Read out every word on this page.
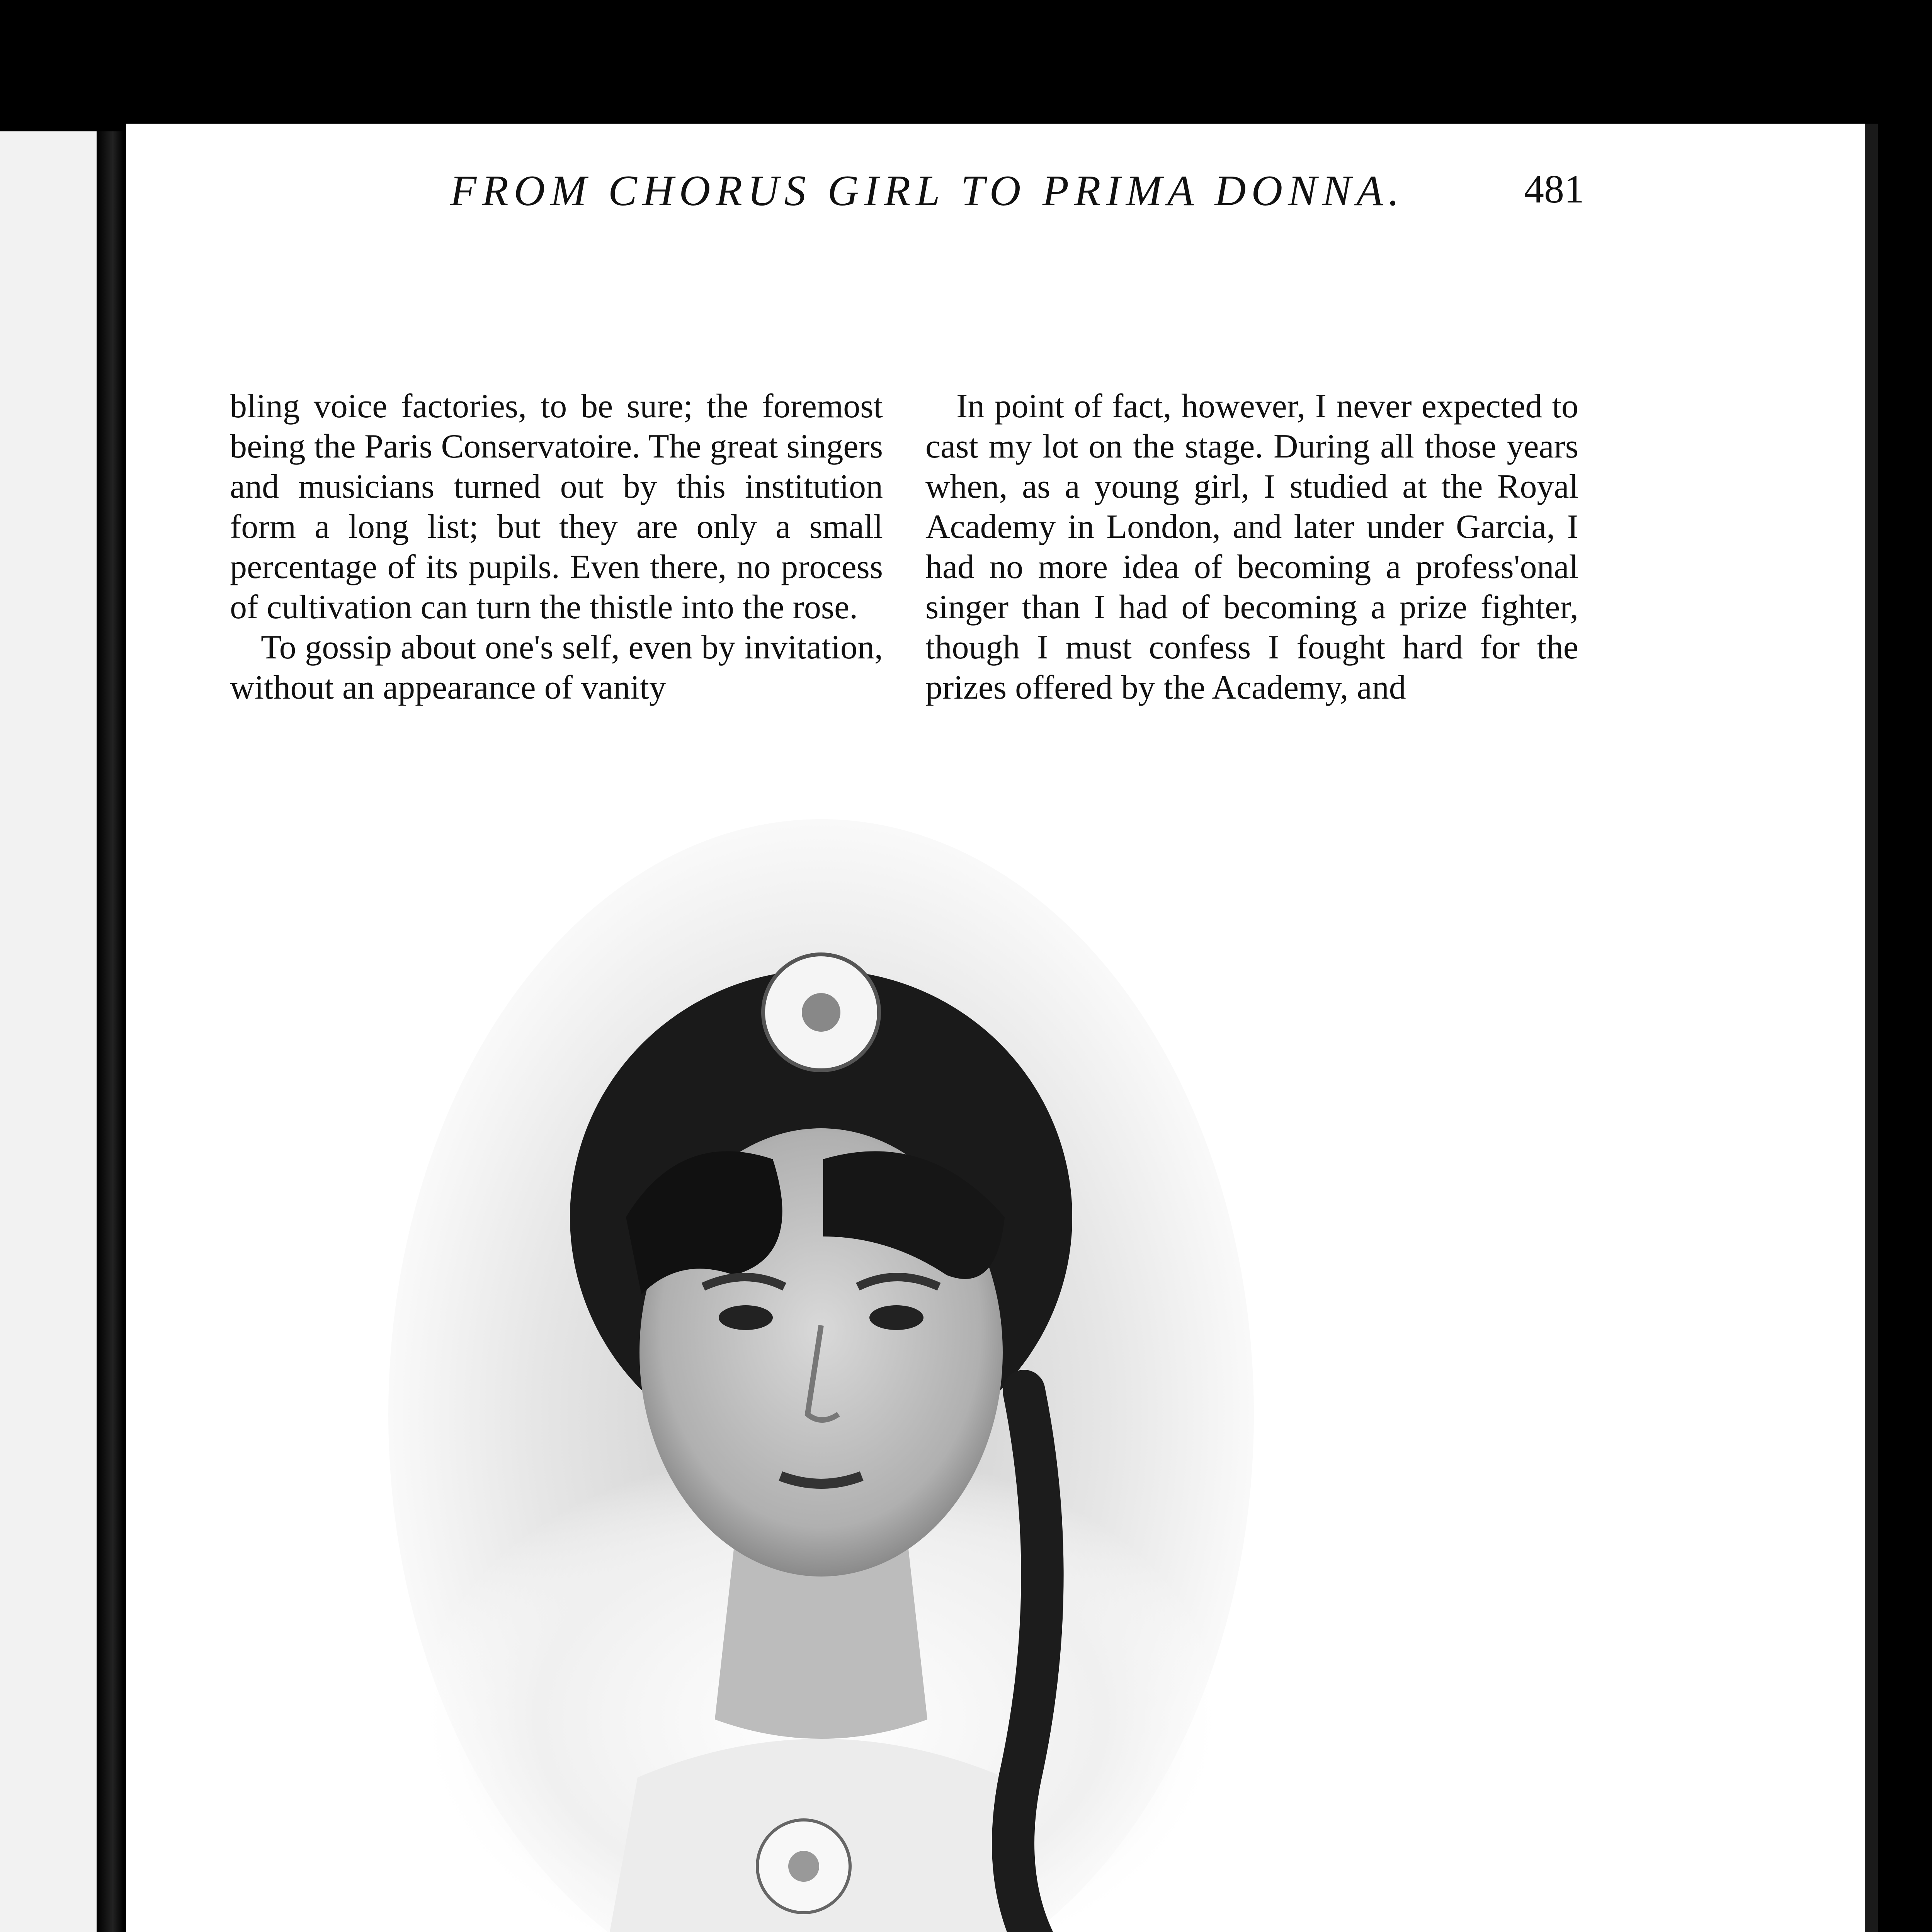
FROM CHORUS GIRL TO PRIMA DONNA.	481

bling voice factories, to be sure; the foremost being the Paris Conservatoire. The great singers and musicians turned out by this institution form a long list; but they are only a small percentage of its pupils. Even there, no process of cultivation can turn the thistle into the rose.

To gossip about one's self, even by invitation, without an appearance of vanity

In point of fact, however, I never expected to cast my lot on the stage. During all those years when, as a young girl, I studied at the Royal Academy in London, and later under Garcia, I had no more idea of becoming a profess'onal singer than I had of becoming a prize fighter, though I must confess I fought hard for the prizes offered by the Academy, and
